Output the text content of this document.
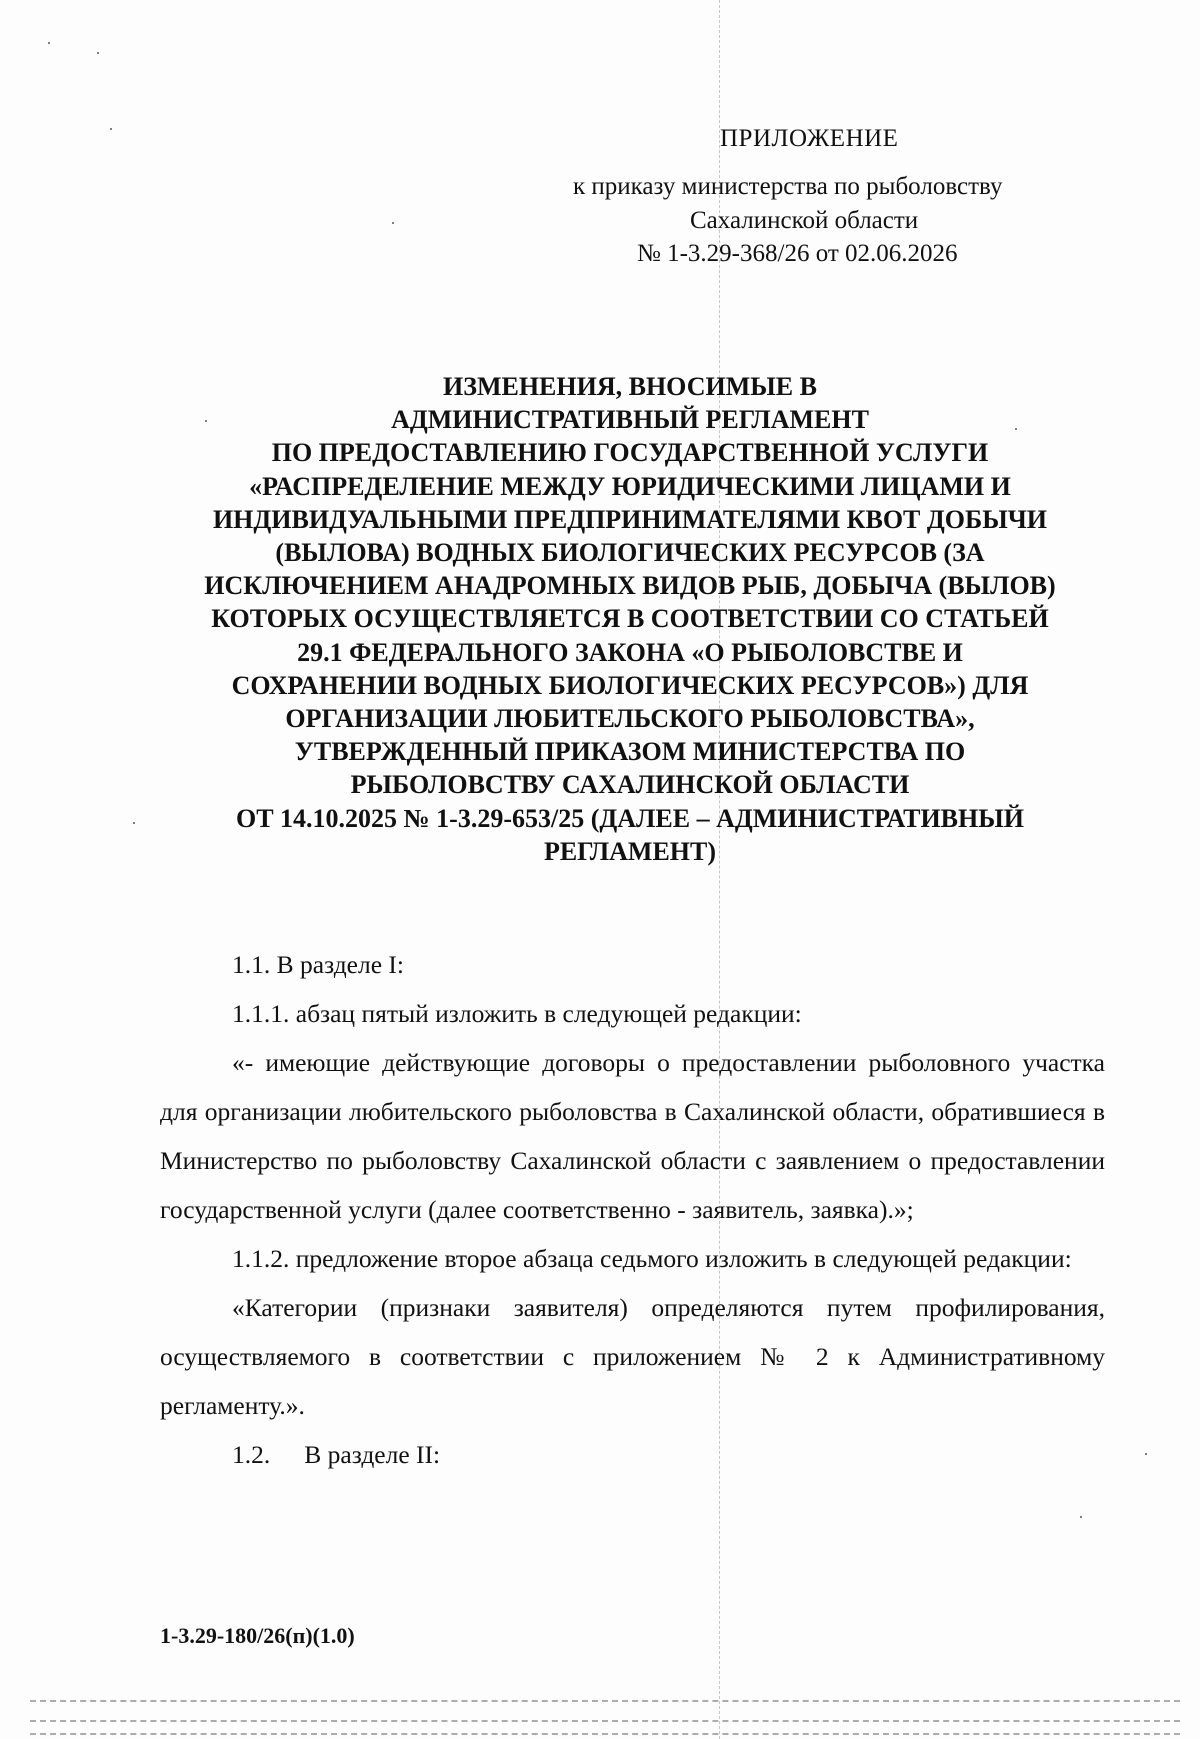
ПРИЛОЖЕНИЕ
к приказу министерства по рыболовству
Сахалинской области
№ 1-3.29-368/26 от 02.06.2026
ИЗМЕНЕНИЯ, ВНОСИМЫЕ В
АДМИНИСТРАТИВНЫЙ РЕГЛАМЕНТ
ПО ПРЕДОСТАВЛЕНИЮ ГОСУДАРСТВЕННОЙ УСЛУГИ
«РАСПРЕДЕЛЕНИЕ МЕЖДУ ЮРИДИЧЕСКИМИ ЛИЦАМИ И
ИНДИВИДУАЛЬНЫМИ ПРЕДПРИНИМАТЕЛЯМИ КВОТ ДОБЫЧИ
(ВЫЛОВА) ВОДНЫХ БИОЛОГИЧЕСКИХ РЕСУРСОВ (ЗА
ИСКЛЮЧЕНИЕМ АНАДРОМНЫХ ВИДОВ РЫБ, ДОБЫЧА (ВЫЛОВ)
КОТОРЫХ ОСУЩЕСТВЛЯЕТСЯ В СООТВЕТСТВИИ СО СТАТЬЕЙ
29.1 ФЕДЕРАЛЬНОГО ЗАКОНА «О РЫБОЛОВСТВЕ И
СОХРАНЕНИИ ВОДНЫХ БИОЛОГИЧЕСКИХ РЕСУРСОВ») ДЛЯ
ОРГАНИЗАЦИИ ЛЮБИТЕЛЬСКОГО РЫБОЛОВСТВА»,
УТВЕРЖДЕННЫЙ ПРИКАЗОМ МИНИСТЕРСТВА ПО
РЫБОЛОВСТВУ САХАЛИНСКОЙ ОБЛАСТИ
ОТ 14.10.2025 № 1-3.29-653/25 (ДАЛЕЕ – АДМИНИСТРАТИВНЫЙ
РЕГЛАМЕНТ)

1.1. В разделе I:

1.1.1. абзац пятый изложить в следующей редакции:

«- имеющие действующие договоры о предоставлении рыболовного участка для организации любительского рыболовства в Сахалинской области, обратившиеся в Министерство по рыболовству Сахалинской области с заявлением о предоставлении государственной услуги (далее соответственно - заявитель, заявка).»;

1.1.2. предложение второе абзаца седьмого изложить в следующей редакции:

«Категории (признаки заявителя) определяются путем профилирования, осуществляемого в соответствии с приложением № 2 к Административному регламенту.».

1.2. В разделе II:

1-3.29-180/26(п)(1.0)
